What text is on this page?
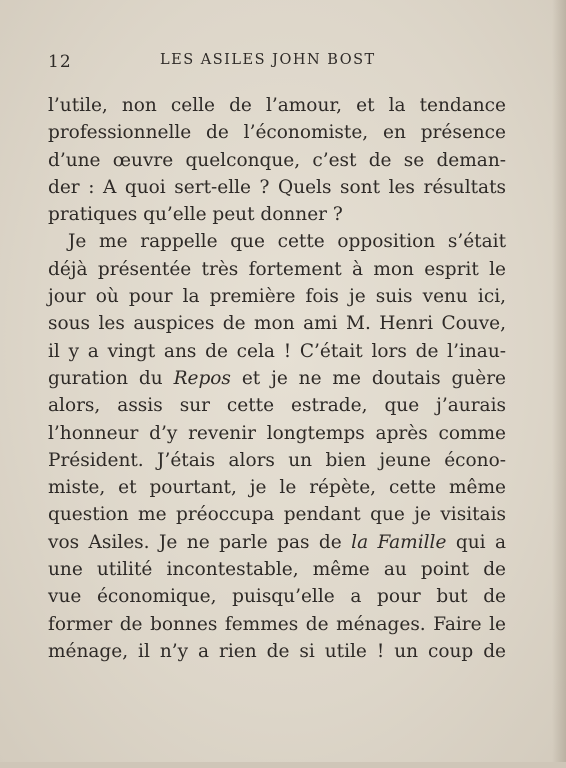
12	LES ASILES JOHN BOST
l’utile, non celle de l’amour, et la tendance
professionnelle de l’économiste, en présence
d’une œuvre quelconque, c’est de se deman-
der : A quoi sert-elle ? Quels sont les résultats
pratiques qu’elle peut donner ?
Je me rappelle que cette opposition s’était
déjà présentée très fortement à mon esprit le
jour où pour la première fois je suis venu ici,
sous les auspices de mon ami M. Henri Couve,
il y a vingt ans de cela ! C’était lors de l’inau-
guration du Repos et je ne me doutais guère
alors, assis sur cette estrade, que j’aurais
l’honneur d’y revenir longtemps après comme
Président. J’étais alors un bien jeune écono-
miste, et pourtant, je le répète, cette même
question me préoccupa pendant que je visitais
vos Asiles. Je ne parle pas de la Famille qui a
une utilité incontestable, même au point de
vue économique, puisqu’elle a pour but de
former de bonnes femmes de ménages. Faire le
ménage, il n’y a rien de si utile ! un coup de
